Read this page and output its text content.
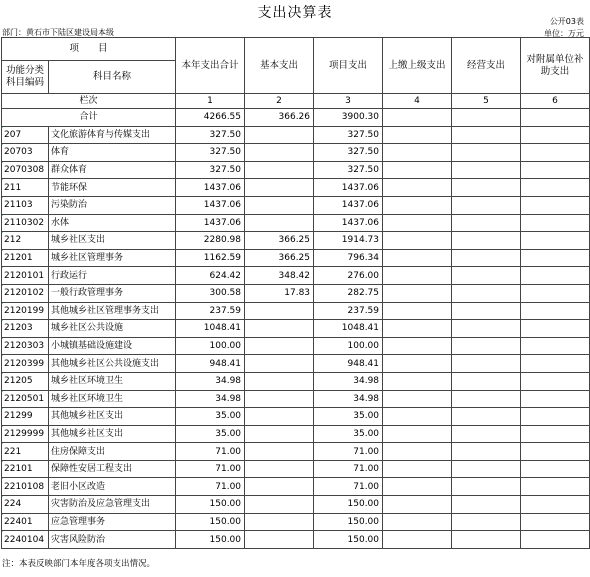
支出决算表
公开03表
部门：黄石市下陆区建设局本级	单位：万元
项　　目		本年支出合计	基本支出	项目支出	上缴上级支出	经营支出	对附属单位补助支出
功能分类
科目编码	科目名称						
栏次		1	2	3	4	5	6
合计		4266.55	366.26	3900.30			
207	文化旅游体育与传媒支出	327.50		327.50			
20703	体育	327.50		327.50			
2070308	群众体育	327.50		327.50			
211	节能环保	1437.06		1437.06			
21103	污染防治	1437.06		1437.06			
2110302	水体	1437.06		1437.06			
212	城乡社区支出	2280.98	366.25	1914.73			
21201	城乡社区管理事务	1162.59	366.25	796.34			
2120101	行政运行	624.42	348.42	276.00			
2120102	一般行政管理事务	300.58	17.83	282.75			
2120199	其他城乡社区管理事务支出	237.59		237.59			
21203	城乡社区公共设施	1048.41		1048.41			
2120303	小城镇基础设施建设	100.00		100.00			
2120399	其他城乡社区公共设施支出	948.41		948.41			
21205	城乡社区环境卫生	34.98		34.98			
2120501	城乡社区环境卫生	34.98		34.98			
21299	其他城乡社区支出	35.00		35.00			
2129999	其他城乡社区支出	35.00		35.00			
221	住房保障支出	71.00		71.00			
22101	保障性安居工程支出	71.00		71.00			
2210108	老旧小区改造	71.00		71.00			
224	灾害防治及应急管理支出	150.00		150.00			
22401	应急管理事务	150.00		150.00			
2240104	灾害风险防治	150.00		150.00			
注：本表反映部门本年度各项支出情况。
